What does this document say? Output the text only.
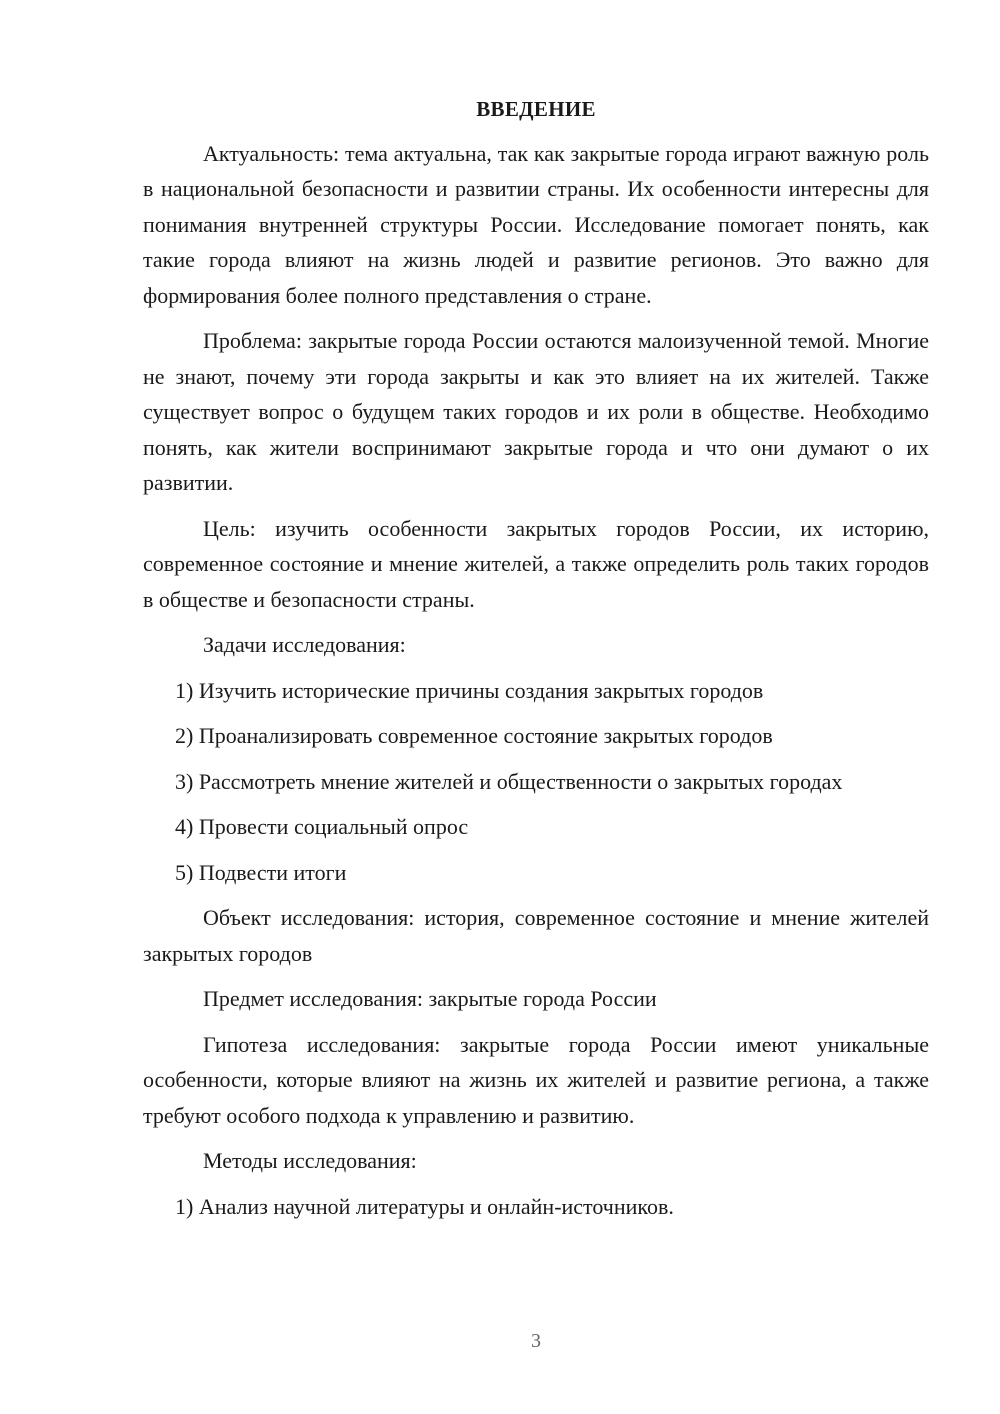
ВВЕДЕНИЕ

Актуальность: тема актуальна, так как закрытые города играют важную роль в национальной безопасности и развитии страны. Их особенности интересны для понимания внутренней структуры России. Исследование помогает понять, как такие города влияют на жизнь людей и развитие регионов. Это важно для формирования более полного представления о стране.

Проблема: закрытые города России остаются малоизученной темой. Многие не знают, почему эти города закрыты и как это влияет на их жителей. Также существует вопрос о будущем таких городов и их роли в обществе. Необходимо понять, как жители воспринимают закрытые города и что они думают о их развитии.

Цель: изучить особенности закрытых городов России, их историю, современное состояние и мнение жителей, а также определить роль таких городов в обществе и безопасности страны.

Задачи исследования:

1) Изучить исторические причины создания закрытых городов

2) Проанализировать современное состояние закрытых городов

3) Рассмотреть мнение жителей и общественности о закрытых городах

4) Провести социальный опрос

5) Подвести итоги

Объект исследования: история, современное состояние и мнение жителей закрытых городов

Предмет исследования: закрытые города России

Гипотеза исследования: закрытые города России имеют уникальные особенности, которые влияют на жизнь их жителей и развитие региона, а также требуют особого подхода к управлению и развитию.

Методы исследования:

1) Анализ научной литературы и онлайн-источников.

3
